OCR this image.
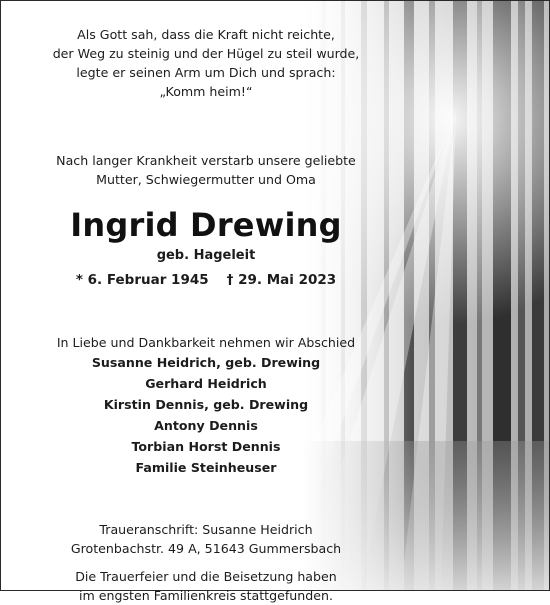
Als Gott sah, dass die Kraft nicht reichte,
der Weg zu steinig und der Hügel zu steil wurde,
legte er seinen Arm um Dich und sprach:
„Komm heim!“
Nach langer Krankheit verstarb unsere geliebte
Mutter, Schwiegermutter und Oma
Ingrid Drewing
geb. Hageleit
* 6. Februar 1945 † 29. Mai 2023
In Liebe und Dankbarkeit nehmen wir Abschied
Susanne Heidrich, geb. Drewing
Gerhard Heidrich
Kirstin Dennis, geb. Drewing
Antony Dennis
Torbian Horst Dennis
Familie Steinheuser
Traueranschrift: Susanne Heidrich
Grotenbachstr. 49 A, 51643 Gummersbach
Die Trauerfeier und die Beisetzung haben
im engsten Familienkreis stattgefunden.
